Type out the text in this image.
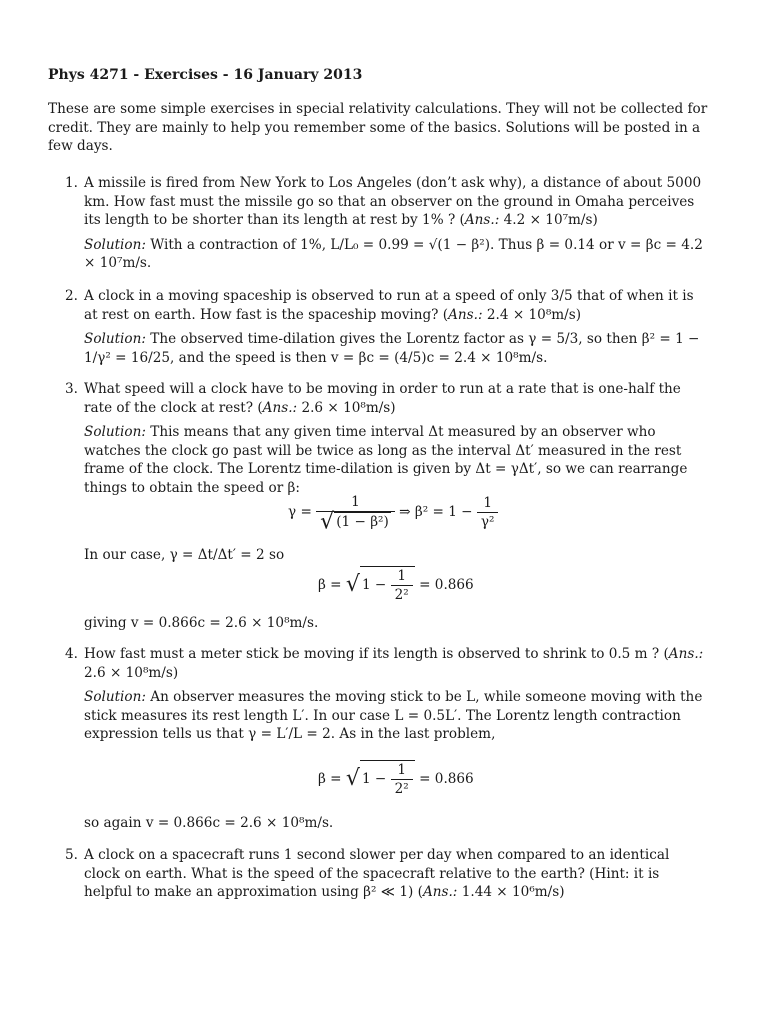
Phys 4271 - Exercises - 16 January 2013
These are some simple exercises in special relativity calculations. They will not be collected for credit. They are mainly to help you remember some of the basics. Solutions will be posted in a few days.
1. A missile is fired from New York to Los Angeles (don’t ask why), a distance of about 5000 km. How fast must the missile go so that an observer on the ground in Omaha perceives its length to be shorter than its length at rest by 1% ? (Ans.: 4.2 × 10⁷m/s)
Solution: With a contraction of 1%, L/L₀ = 0.99 = √(1 − β²). Thus β = 0.14 or v = βc = 4.2 × 10⁷m/s.
2. A clock in a moving spaceship is observed to run at a speed of only 3/5 that of when it is at rest on earth. How fast is the spaceship moving? (Ans.: 2.4 × 10⁸m/s)
Solution: The observed time-dilation gives the Lorentz factor as γ = 5/3, so then β² = 1 − 1/γ² = 16/25, and the speed is then v = βc = (4/5)c = 2.4 × 10⁸m/s.
3. What speed will a clock have to be moving in order to run at a rate that is one-half the rate of the clock at rest? (Ans.: 2.6 × 10⁸m/s)
Solution: This means that any given time interval Δt measured by an observer who watches the clock go past will be twice as long as the interval Δt′ measured in the rest frame of the clock. The Lorentz time-dilation is given by Δt = γΔt′, so we can rearrange things to obtain the speed or β:
$\gamma = \frac{1}{\text{√ (1 − β²)}}$ ⇒ $\beta^2 = 1 - \frac{1}{\text{γ²}}$
In our case, γ = Δt/Δt′ = 2 so
β = √ $1 - \frac{1}{\text{2²}} = 0.866$
giving v = 0.866c = 2.6 × 10⁸m/s.
4. How fast must a meter stick be moving if its length is observed to shrink to 0.5 m ? (Ans.: 2.6 × 10⁸m/s)
Solution: An observer measures the moving stick to be L, while someone moving with the stick measures its rest length L′. In our case L = 0.5L′. The Lorentz length contraction expression tells us that γ = L′/L = 2. As in the last problem,
β = √ $1 - \frac{1}{\text{2²}} = 0.866$
so again v = 0.866c = 2.6 × 10⁸m/s.
5. A clock on a spacecraft runs 1 second slower per day when compared to an identical clock on earth. What is the speed of the spacecraft relative to the earth? (Hint: it is helpful to make an approximation using β² ≪ 1) (Ans.: 1.44 × 10⁶m/s)
